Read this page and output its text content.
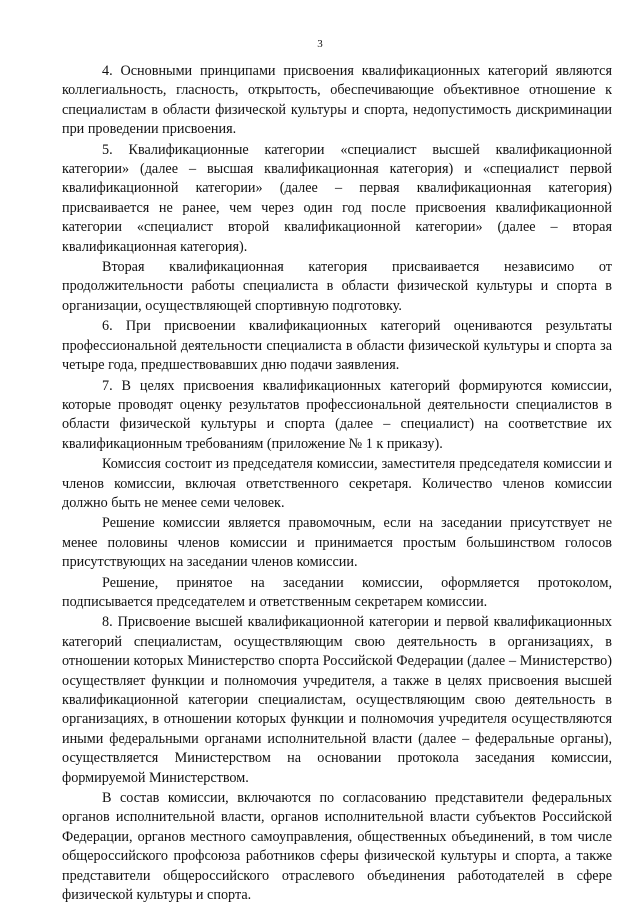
3

4. Основными принципами присвоения квалификационных категорий являются коллегиальность, гласность, открытость, обеспечивающие объективное отношение к специалистам в области физической культуры и спорта, недопустимость дискриминации при проведении присвоения.

5. Квалификационные категории «специалист высшей квалификационной категории» (далее – высшая квалификационная категория) и «специалист первой квалификационной категории» (далее – первая квалификационная категория) присваивается не ранее, чем через один год после присвоения квалификационной категории «специалист второй квалификационной категории» (далее – вторая квалификационная категория).

Вторая квалификационная категория присваивается независимо от продолжительности работы специалиста в области физической культуры и спорта в организации, осуществляющей спортивную подготовку.

6. При присвоении квалификационных категорий оцениваются результаты профессиональной деятельности специалиста в области физической культуры и спорта за четыре года, предшествовавших дню подачи заявления.

7. В целях присвоения квалификационных категорий формируются комиссии, которые проводят оценку результатов профессиональной деятельности специалистов в области физической культуры и спорта (далее – специалист) на соответствие их квалификационным требованиям (приложение № 1 к приказу).

Комиссия состоит из председателя комиссии, заместителя председателя комиссии и членов комиссии, включая ответственного секретаря. Количество членов комиссии должно быть не менее семи человек.

Решение комиссии является правомочным, если на заседании присутствует не менее половины членов комиссии и принимается простым большинством голосов присутствующих на заседании членов комиссии.

Решение, принятое на заседании комиссии, оформляется протоколом, подписывается председателем и ответственным секретарем комиссии.

8. Присвоение высшей квалификационной категории и первой квалификационных категорий специалистам, осуществляющим свою деятельность в организациях, в отношении которых Министерство спорта Российской Федерации (далее – Министерство) осуществляет функции и полномочия учредителя, а также в целях присвоения высшей квалификационной категории специалистам, осуществляющим свою деятельность в организациях, в отношении которых функции и полномочия учредителя осуществляются иными федеральными органами исполнительной власти (далее – федеральные органы), осуществляется Министерством на основании протокола заседания комиссии, формируемой Министерством.

В состав комиссии, включаются по согласованию представители федеральных органов исполнительной власти, органов исполнительной власти субъектов Российской Федерации, органов местного самоуправления, общественных объединений, в том числе общероссийского профсоюза работников сферы физической культуры и спорта, а также представители общероссийского отраслевого объединения работодателей в сфере физической культуры и спорта.
